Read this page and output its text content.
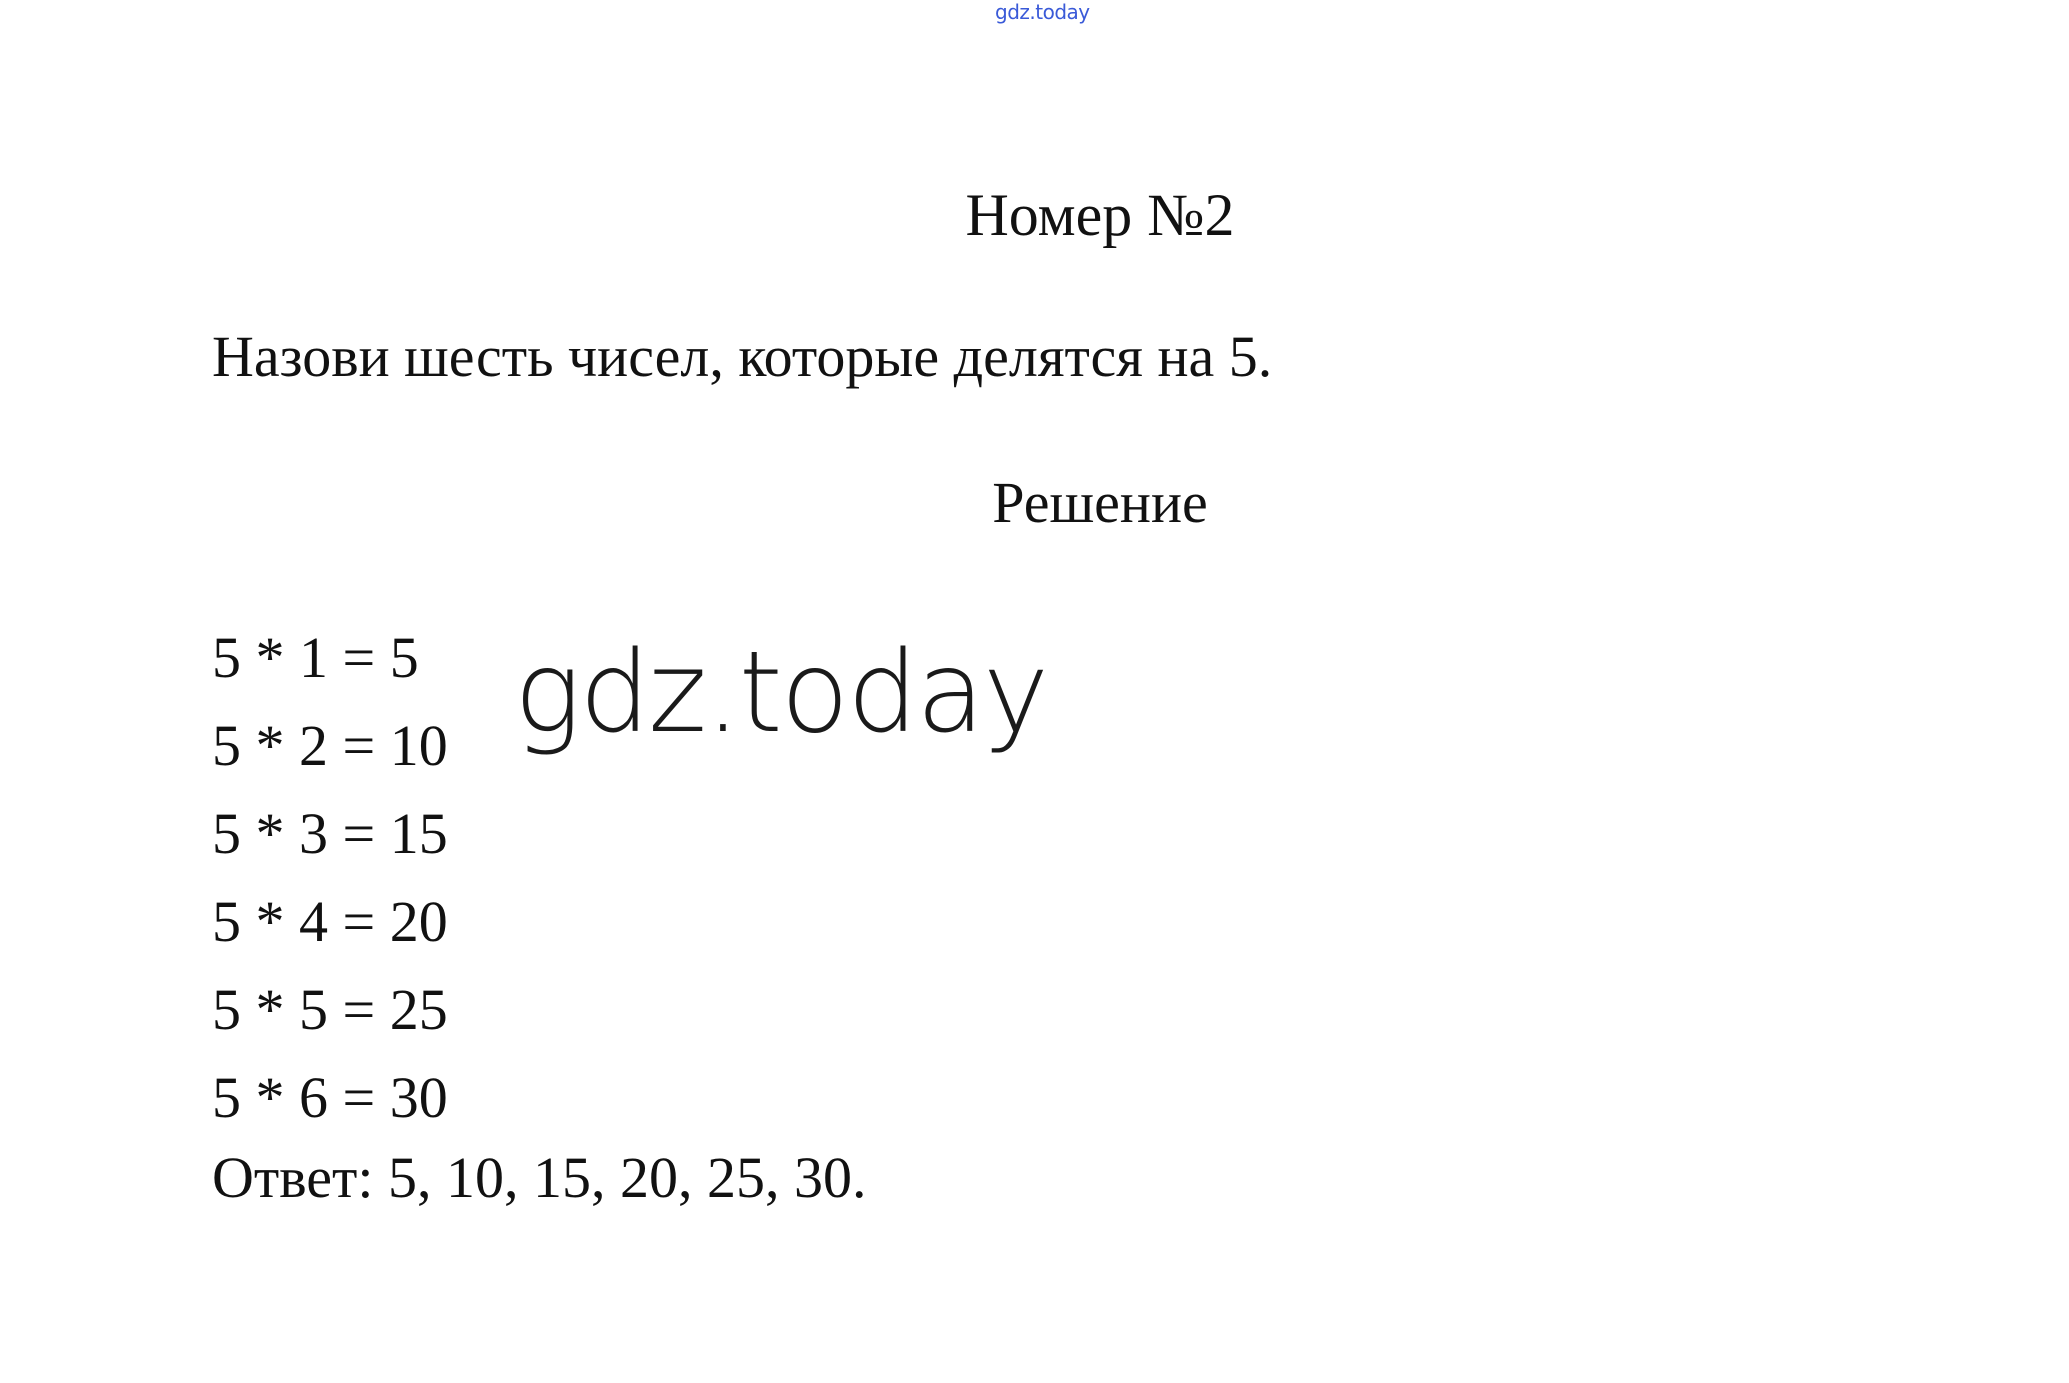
gdz.today
Номер №2
Назови шесть чисел, которые делятся на 5.
Решение
5 * 1 = 5
5 * 2 = 10
5 * 3 = 15
5 * 4 = 20
5 * 5 = 25
5 * 6 = 30
Ответ: 5, 10, 15, 20, 25, 30.
gdz.today
